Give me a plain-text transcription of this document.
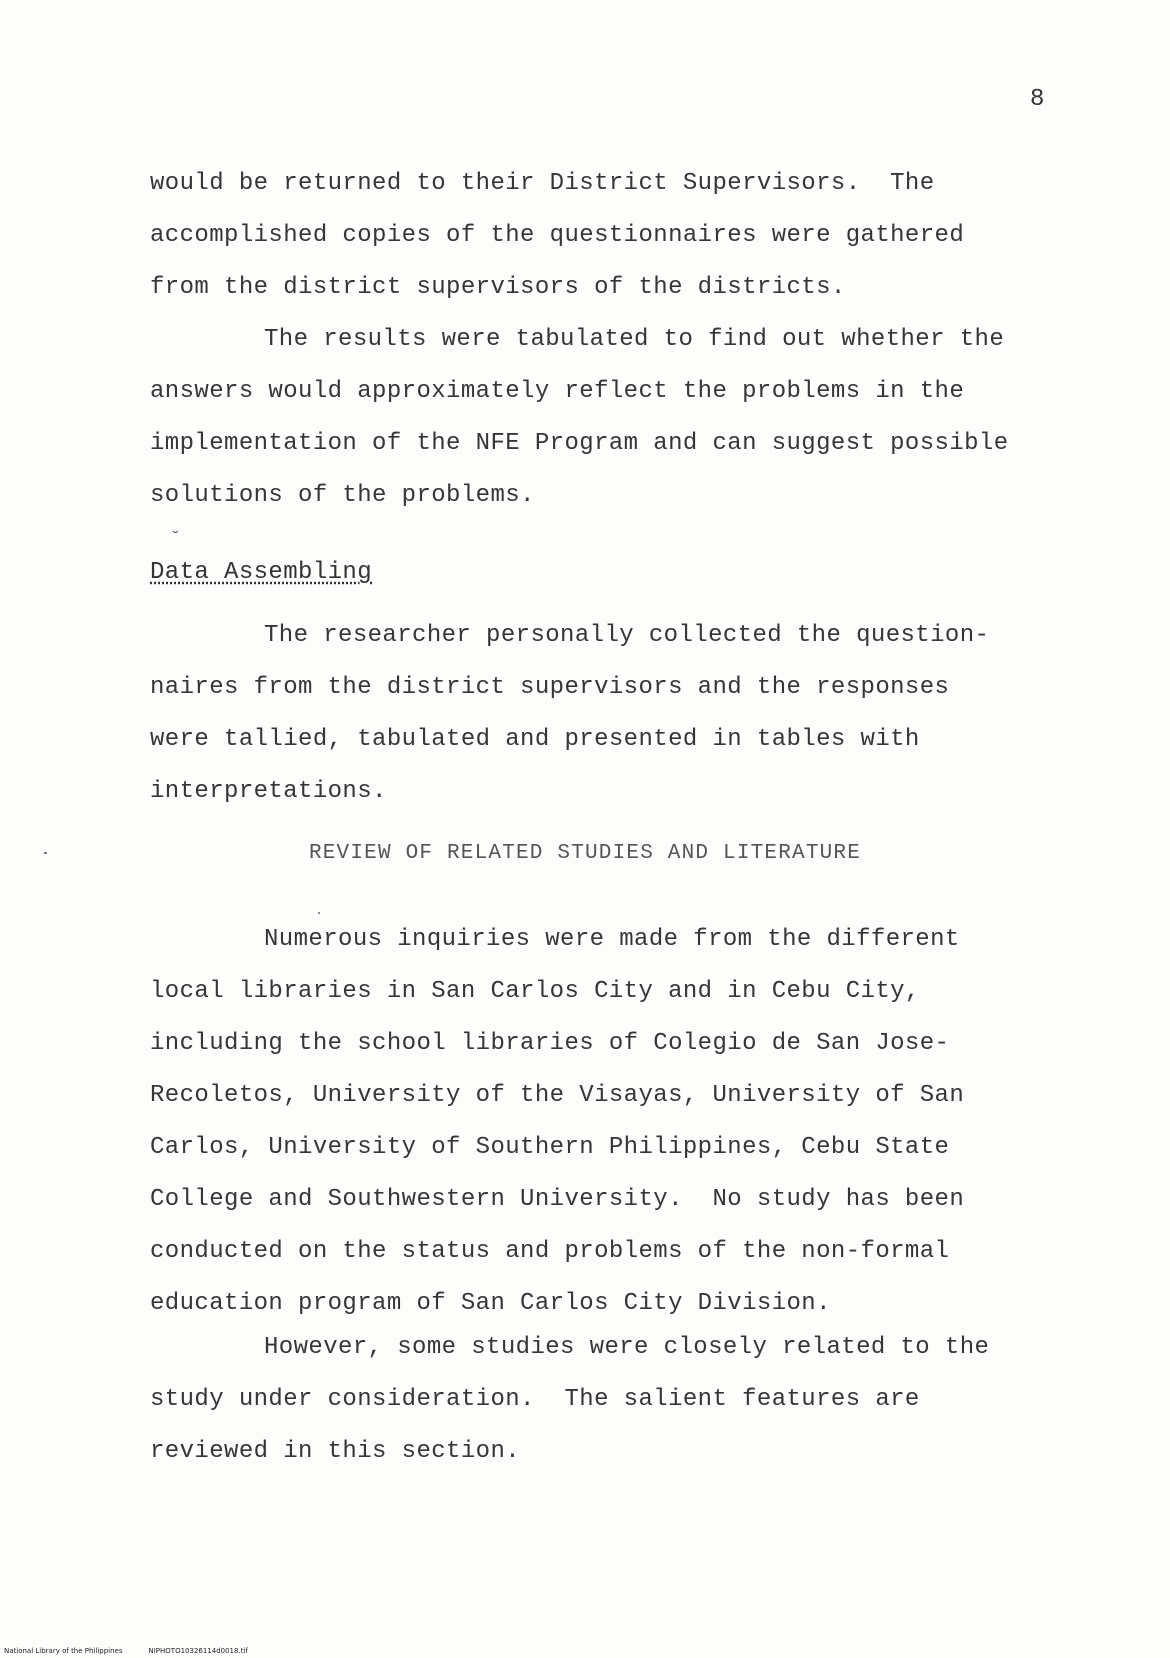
8
would be returned to their District Supervisors.  The
accomplished copies of the questionnaires were gathered
from the district supervisors of the districts.
The results were tabulated to find out whether the
answers would approximately reflect the problems in the
implementation of the NFE Program and can suggest possible
solutions of the problems.
˘
Data Assembling
The researcher personally collected the question-
naires from the district supervisors and the responses
were tallied, tabulated and presented in tables with
interpretations.
REVIEW OF RELATED STUDIES AND LITERATURE
Numerous inquiries were made from the different
local libraries in San Carlos City and in Cebu City,
including the school libraries of Colegio de San Jose-
Recoletos, University of the Visayas, University of San
Carlos, University of Southern Philippines, Cebu State
College and Southwestern University.  No study has been
conducted on the status and problems of the non-formal
education program of San Carlos City Division.
However, some studies were closely related to the
study under consideration.  The salient features are
reviewed in this section.
National Library of the Philippines	NIPHOTO10326114d0018.tif
